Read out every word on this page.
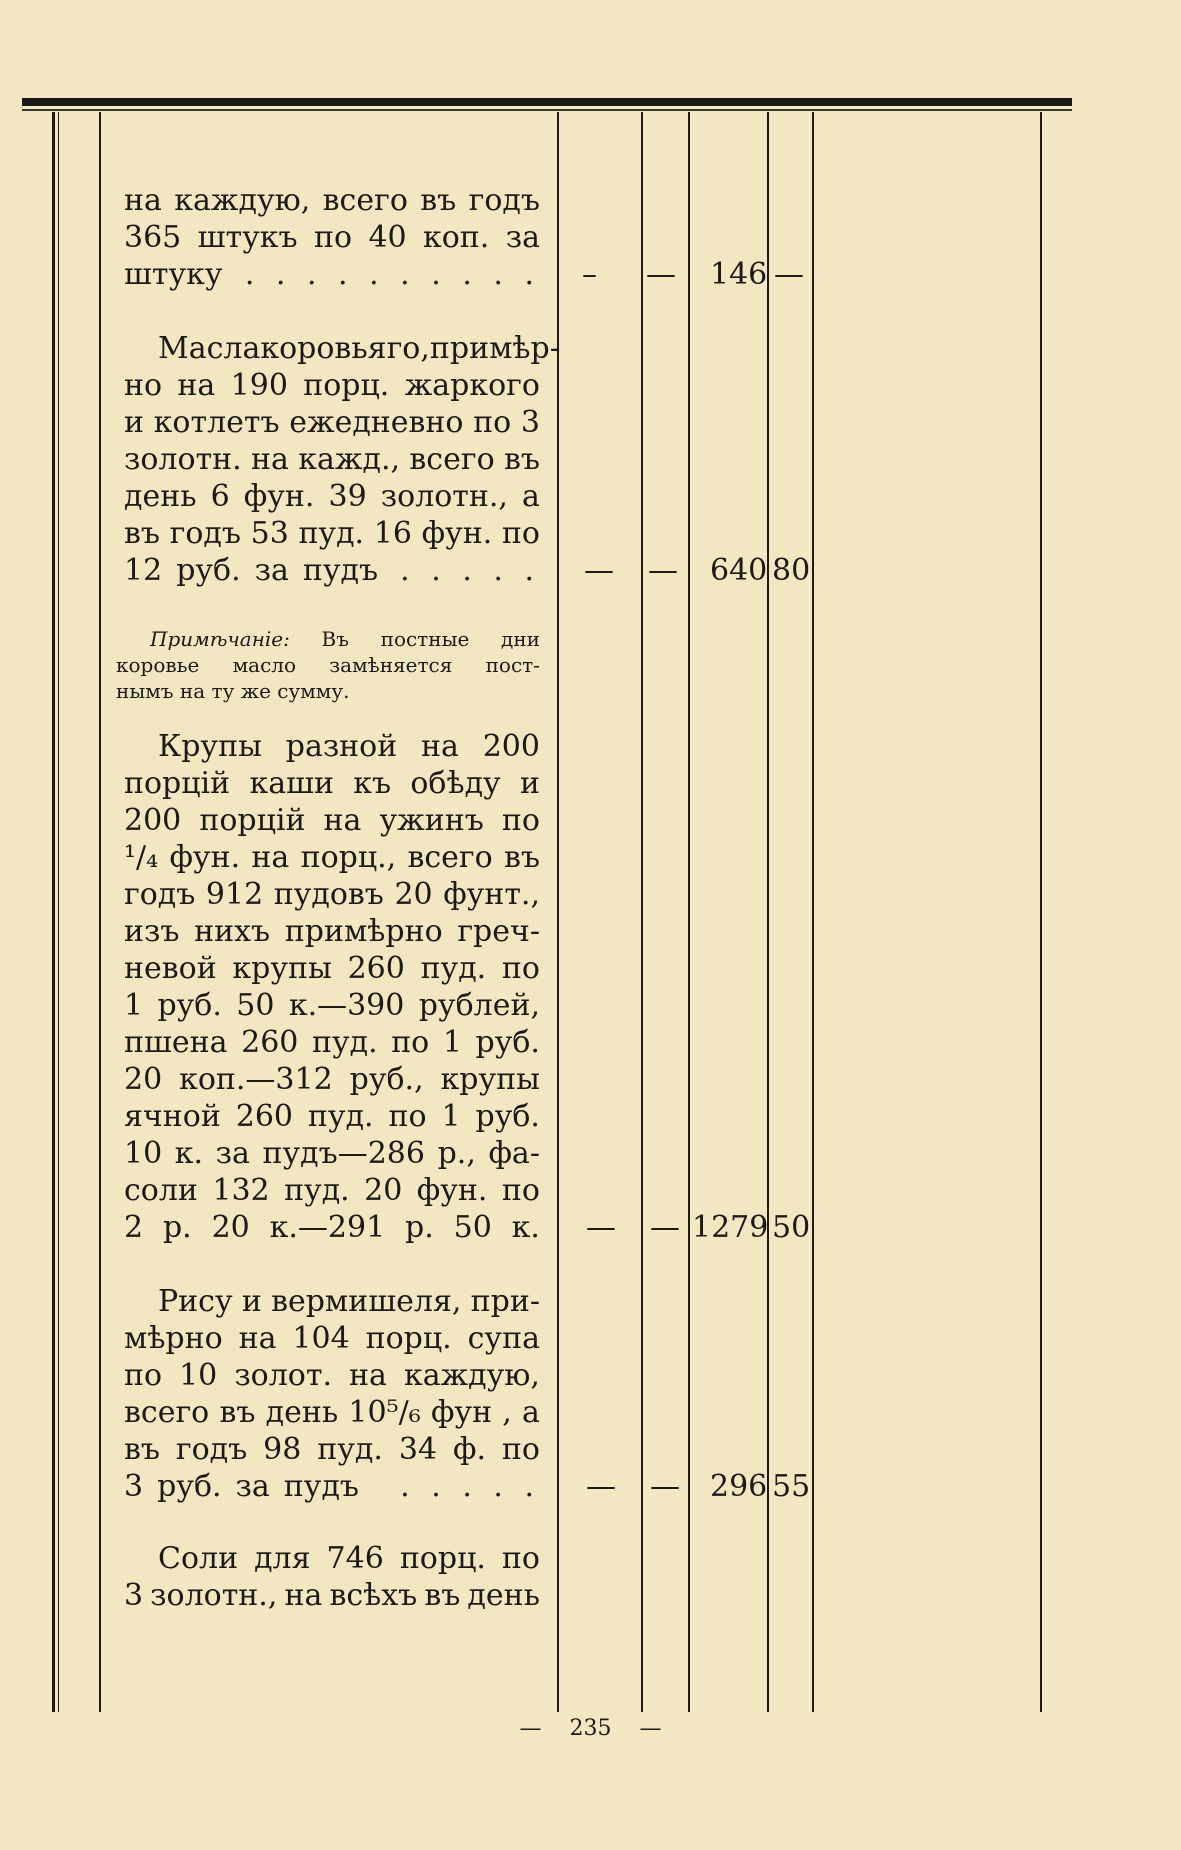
на каждую, всего въ годъ
365 штукъ по 40 коп. за
штуку . . . . . . . . . . – — 146 —
Масла коровьяго, примѣр-
но на 190 порц. жаркого
и котлетъ ежедневно по 3
золотн. на кажд., всего въ
день 6 фун. 39 золотн., а
въ годъ 53 пуд. 16 фун. по
12 руб. за пудъ . . . . . — — 640 80
Примѣчаніе: Въ постные дни
коровье масло замѣняется пост-
нымъ на ту же сумму.
Крупы разной на 200
порцій каши къ обѣду и
200 порцій на ужинъ по
¹/₄ фун. на порц., всего въ
годъ 912 пудовъ 20 фунт.,
изъ нихъ примѣрно греч-
невой крупы 260 пуд. по
1 руб. 50 к.—390 рублей,
пшена 260 пуд. по 1 руб.
20 коп.—312 руб., крупы
ячной 260 пуд. по 1 руб.
10 к. за пудъ—286 р., фа-
соли 132 пуд. 20 фун. по
2 р. 20 к.—291 р. 50 к. — — 1279 50
Рису и вермишеля, при-
мѣрно на 104 порц. супа
по 10 золот. на каждую,
всего въ день 10⁵/₆ фун , а
въ годъ 98 пуд. 34 ф. по
3 руб. за пудъ . . . . . — — 296 55
Соли для 746 порц. по
3 золотн., на всѣхъ въ день
— 235 —
